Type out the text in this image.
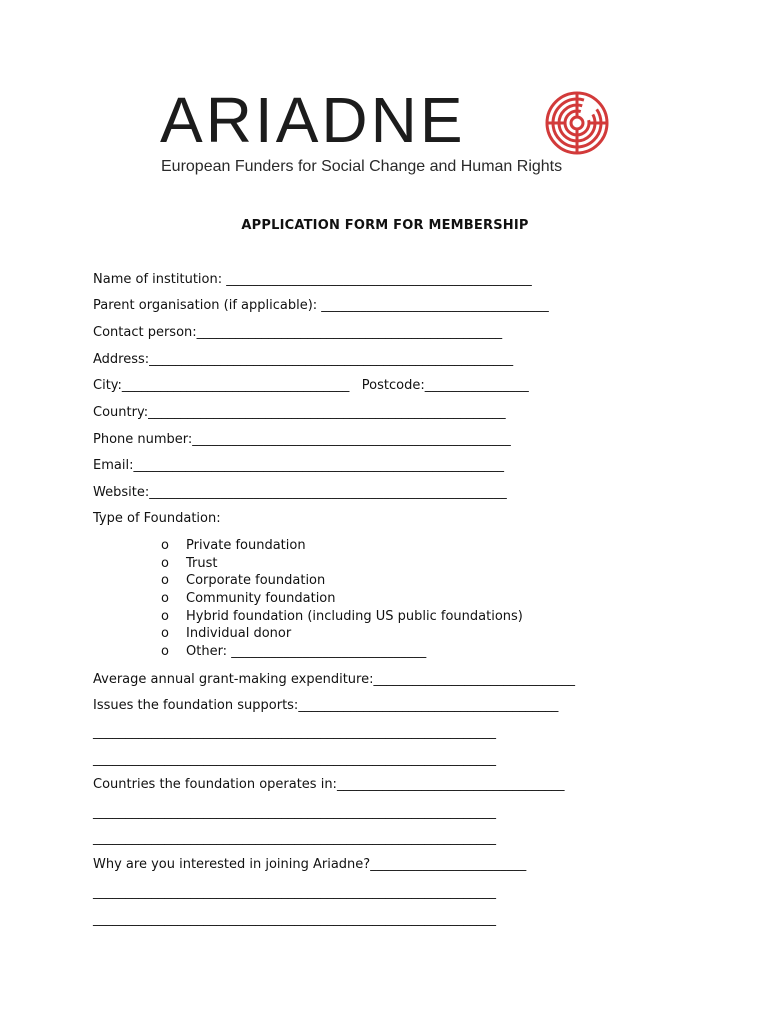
ARIADNE
European Funders for Social Change and Human Rights
APPLICATION FORM FOR MEMBERSHIP
Name of institution: _______________________________________________
Parent organisation (if applicable): ___________________________________
Contact person:_______________________________________________
Address:________________________________________________________
City:___________________________________   Postcode:________________
Country:_______________________________________________________
Phone number:_________________________________________________
Email:_________________________________________________________
Website:_______________________________________________________
Type of Foundation:
o	Private foundation
o	Trust
o	Corporate foundation
o	Community foundation
o	Hybrid foundation (including US public foundations)
o	Individual donor
o	Other: ______________________________
Average annual grant-making expenditure:_______________________________
Issues the foundation supports:________________________________________
______________________________________________________________
______________________________________________________________
Countries the foundation operates in:___________________________________
______________________________________________________________
______________________________________________________________
Why are you interested in joining Ariadne?________________________
______________________________________________________________
______________________________________________________________
